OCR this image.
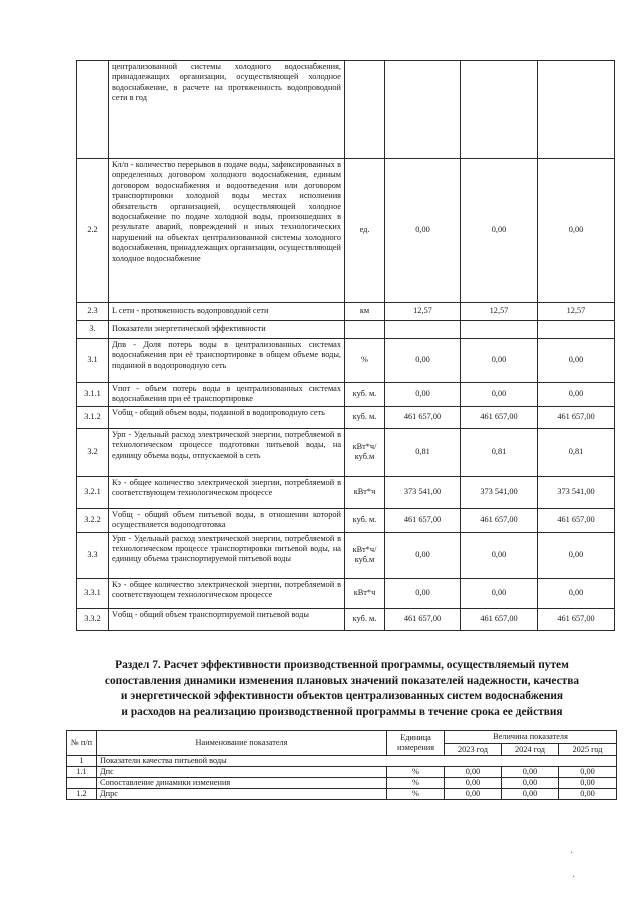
	централизованной системы холодного водоснабжения, принадлежащих организации, осуществляющей холодное водоснабжение, в расчете на протяженность водопроводной сети в год				
2.2	Кл/п - количество перерывов в подаче воды, зафиксированных в определенных договором холодного водоснабжения, единым договором водоснабжения и водоотведения или договором транспортировки холодной воды местах исполнения обязательств организацией, осуществляющей холодное водоснабжение по подаче холодной воды, произошедших в результате аварий, повреждений и иных технологических нарушений на объектах централизованной системы холодного водоснабжения, принадлежащих организации, осуществляющей холодное водоснабжение	ед.	0,00	0,00	0,00
2.3	L сети - протяженность водопроводной сети	км	12,57	12,57	12,57
3.	Показатели энергетической эффективности				
3.1	Дпв - Доля потерь воды в централизованных системах водоснабжения при её транспортировке в общем объеме воды, поданной в водопроводную сеть	%	0,00	0,00	0,00
3.1.1	Vпот - объем потерь воды в централизованных системах водоснабжения при её транспортировке	куб. м.	0,00	0,00	0,00
3.1.2	Vобщ - общий объем воды, поданной в водопроводную сеть	куб. м.	461 657,00	461 657,00	461 657,00
3.2	Урп - Удельный расход электрической энергии, потребляемой в технологическом процессе подготовки питьевой воды, на единицу объема воды, отпускаемой в сеть	кВт*ч/куб.м	0,81	0,81	0,81
3.2.1	Кэ - общее количество электрической энергии, потребляемой в соответствующем технологическом процессе	кВт*ч	373 541,00	373 541,00	373 541,00
3.2.2	Vобщ - общий объем питьевой воды, в отношении которой осуществляется водоподготовка	куб. м.	461 657,00	461 657,00	461 657,00
3.3	Урп - Удельный расход электрической энергии, потребляемой в технологическом процессе транспортировки питьевой воды, на единицу объема транспортируемой питьевой воды	кВт*ч/куб.м	0,00	0,00	0,00
3.3.1	Кэ - общее количество электрической энергии, потребляемой в соответствующем технологическом процессе	кВт*ч	0,00	0,00	0,00
3.3.2	Vобщ - общий объем транспортируемой питьевой воды	куб. м.	461 657,00	461 657,00	461 657,00
Раздел 7. Расчет эффективности производственной программы, осуществляемый путем
сопоставления динамики изменения плановых значений показателей надежности, качества
и энергетической эффективности объектов централизованных систем водоснабжения
и расходов на реализацию производственной программы в течение срока ее действия
№ п/п	Наименование показателя	Единица измерения	Величина показателя		
			2023 год	2024 год	2025 год
1	Показатели качества питьевой воды				
1.1	Дпс	%	0,00	0,00	0,00
	Сопоставление динамики изменения	%	0,00	0,00	0,00
1.2	Дпрс	%	0,00	0,00	0,00
·
·
